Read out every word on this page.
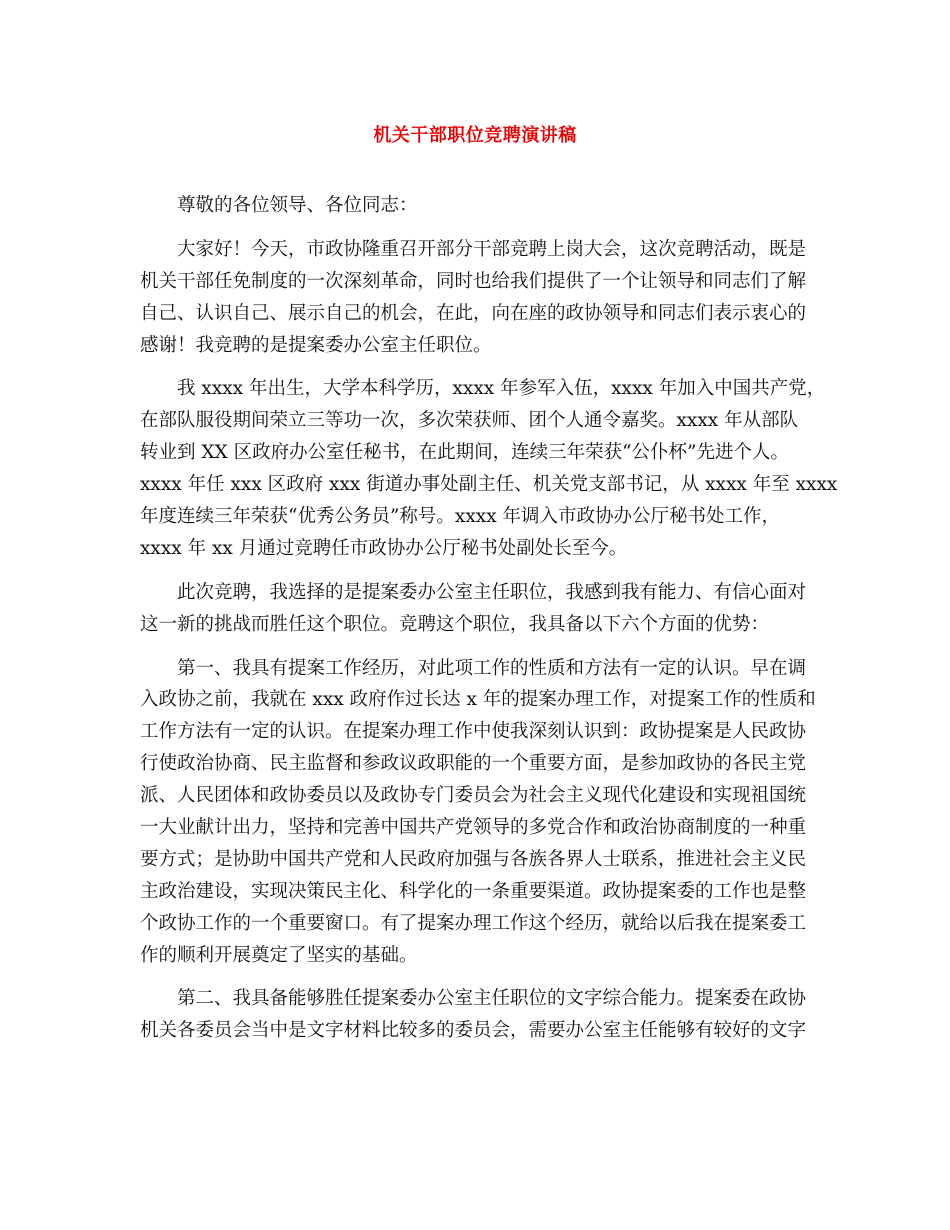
机关干部职位竞聘演讲稿
尊敬的各位领导、各位同志：
大家好！今天，市政协隆重召开部分干部竞聘上岗大会，这次竞聘活动，既是
机关干部任免制度的一次深刻革命，同时也给我们提供了一个让领导和同志们了解
自己、认识自己、展示自己的机会，在此，向在座的政协领导和同志们表示衷心的
感谢！我竞聘的是提案委办公室主任职位。
我 xxxx 年出生，大学本科学历，xxxx 年参军入伍，xxxx 年加入中国共产党，
在部队服役期间荣立三等功一次，多次荣获师、团个人通令嘉奖。xxxx 年从部队
转业到 XX 区政府办公室任秘书，在此期间，连续三年荣获“公仆杯”先进个人。
xxxx 年任 xxx 区政府 xxx 街道办事处副主任、机关党支部书记，从 xxxx 年至 xxxx
年度连续三年荣获“优秀公务员”称号。xxxx 年调入市政协办公厅秘书处工作，
xxxx 年 xx 月通过竞聘任市政协办公厅秘书处副处长至今。
此次竞聘，我选择的是提案委办公室主任职位，我感到我有能力、有信心面对
这一新的挑战而胜任这个职位。竞聘这个职位，我具备以下六个方面的优势：
第一、我具有提案工作经历，对此项工作的性质和方法有一定的认识。早在调
入政协之前，我就在 xxx 政府作过长达 x 年的提案办理工作，对提案工作的性质和
工作方法有一定的认识。在提案办理工作中使我深刻认识到：政协提案是人民政协
行使政治协商、民主监督和参政议政职能的一个重要方面，是参加政协的各民主党
派、人民团体和政协委员以及政协专门委员会为社会主义现代化建设和实现祖国统
一大业献计出力，坚持和完善中国共产党领导的多党合作和政治协商制度的一种重
要方式；是协助中国共产党和人民政府加强与各族各界人士联系，推进社会主义民
主政治建设，实现决策民主化、科学化的一条重要渠道。政协提案委的工作也是整
个政协工作的一个重要窗口。有了提案办理工作这个经历，就给以后我在提案委工
作的顺利开展奠定了坚实的基础。
第二、我具备能够胜任提案委办公室主任职位的文字综合能力。提案委在政协
机关各委员会当中是文字材料比较多的委员会，需要办公室主任能够有较好的文字
